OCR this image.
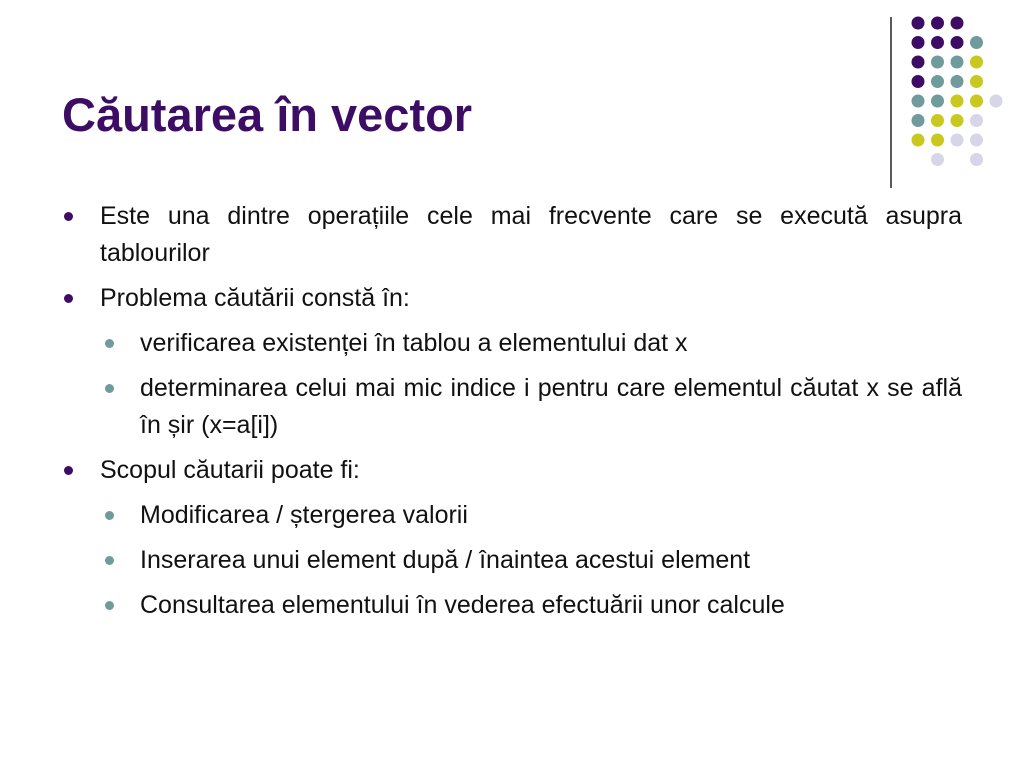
Căutarea în vector
Este una dintre operațiile cele mai frecvente care se execută asupra tablourilor
Problema căutării constă în:
verificarea existenței în tablou a elementului dat x
determinarea celui mai mic indice i pentru care elementul căutat x se află în șir (x=a[i])
Scopul căutarii poate fi:
Modificarea / ștergerea valorii
Inserarea unui element după / înaintea acestui element
Consultarea elementului în vederea efectuării unor calcule
